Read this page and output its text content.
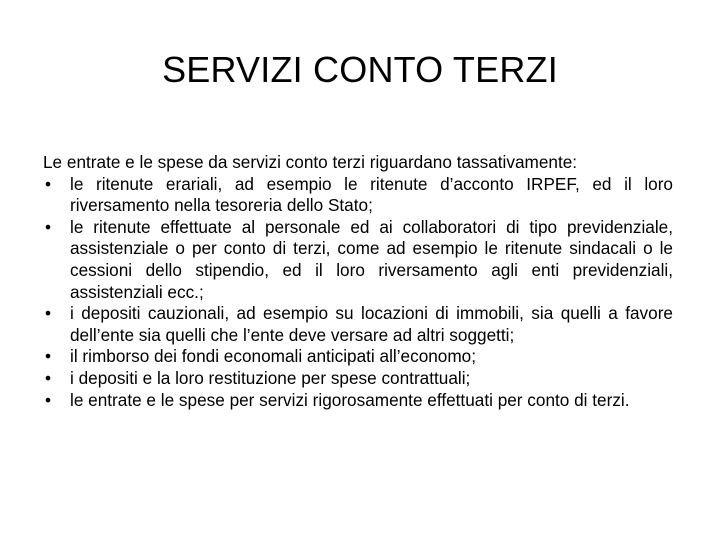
SERVIZI CONTO TERZI

Le entrate e le spese da servizi conto terzi riguardano tassativamente:

• le ritenute erariali, ad esempio le ritenute d’acconto IRPEF, ed il loro riversamento nella tesoreria dello Stato;
• le ritenute effettuate al personale ed ai collaboratori di tipo previdenziale, assistenziale o per conto di terzi, come ad esempio le ritenute sindacali o le cessioni dello stipendio, ed il loro riversamento agli enti previdenziali, assistenziali ecc.;
• i depositi cauzionali, ad esempio su locazioni di immobili, sia quelli a favore dell’ente sia quelli che l’ente deve versare ad altri soggetti;
• il rimborso dei fondi economali anticipati all’economo;
• i depositi e la loro restituzione per spese contrattuali;
• le entrate e le spese per servizi rigorosamente effettuati per conto di terzi.
